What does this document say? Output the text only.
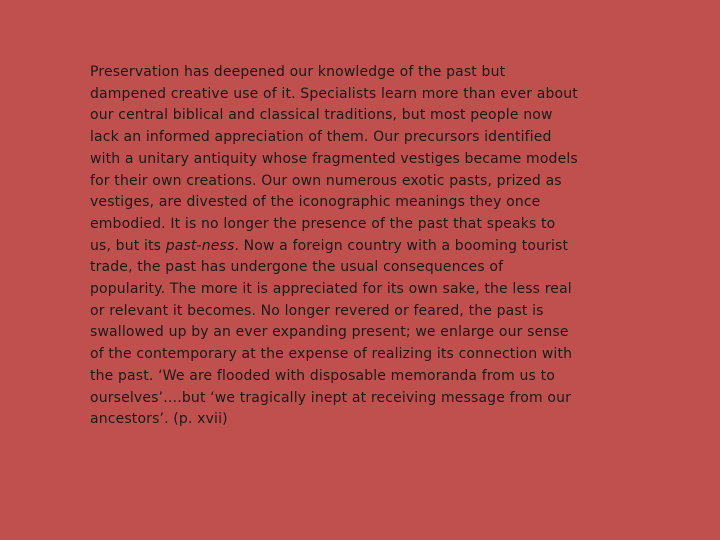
Preservation has deepened our knowledge of the past but
dampened creative use of it. Specialists learn more than ever about
our central biblical and classical traditions, but most people now
lack an informed appreciation of them. Our precursors identified
with a unitary antiquity whose fragmented vestiges became models
for their own creations. Our own numerous exotic pasts, prized as
vestiges, are divested of the iconographic meanings they once
embodied. It is no longer the presence of the past that speaks to
us, but its past-ness. Now a foreign country with a booming tourist
trade, the past has undergone the usual consequences of
popularity. The more it is appreciated for its own sake, the less real
or relevant it becomes. No longer revered or feared, the past is
swallowed up by an ever expanding present; we enlarge our sense
of the contemporary at the expense of realizing its connection with
the past. ‘We are flooded with disposable memoranda from us to
ourselves’….but ‘we tragically inept at receiving message from our
ancestors’. (p. xvii)
